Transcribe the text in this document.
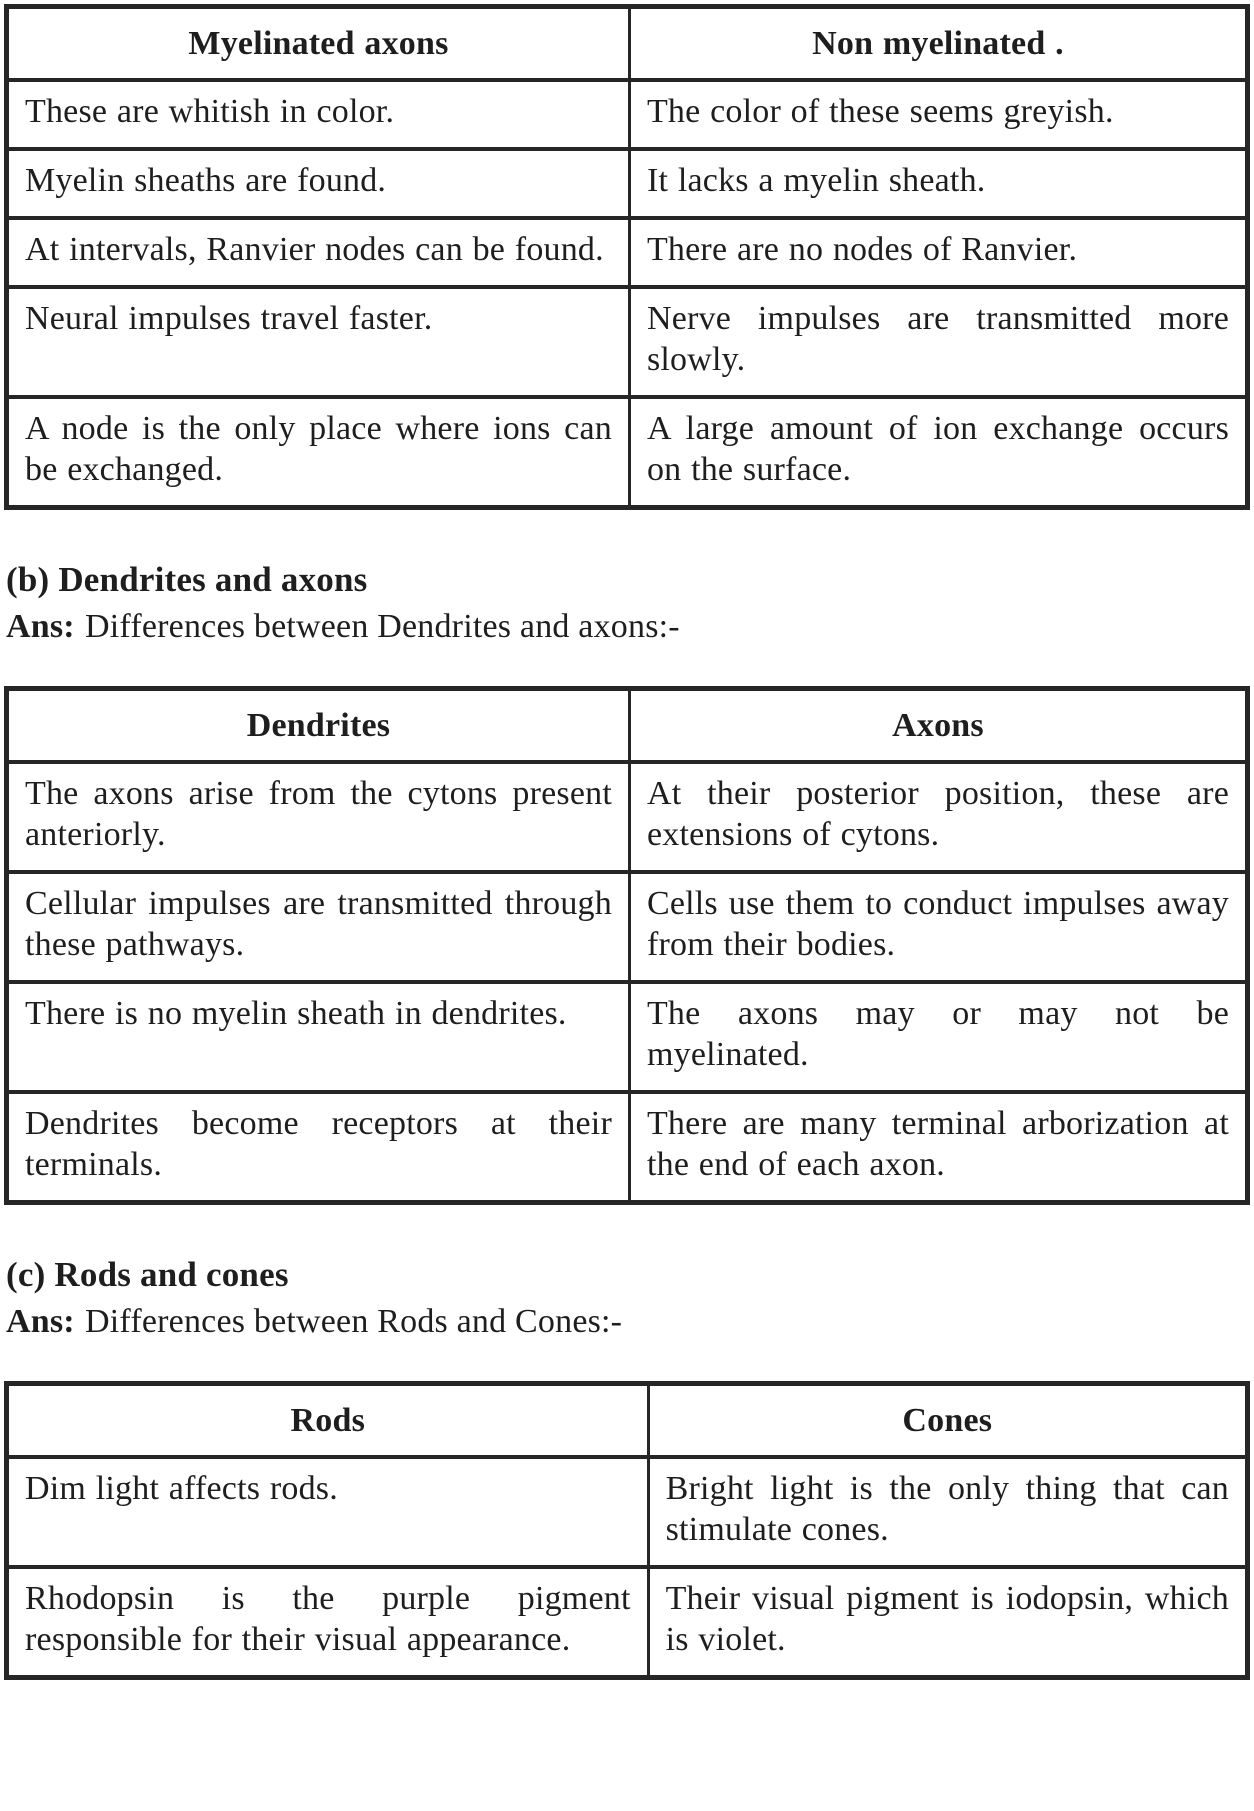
Myelinated axons	Non myelinated .
These are whitish in color.	The color of these seems greyish.
Myelin sheaths are found.	It lacks a myelin sheath.
At intervals, Ranvier nodes can be found.	There are no nodes of Ranvier.
Neural impulses travel faster.	Nerve impulses are transmitted more slowly.
A node is the only place where ions can be exchanged.	A large amount of ion exchange occurs on the surface.
(b) Dendrites and axons
Ans: Differences between Dendrites and axons:-
Dendrites	Axons
The axons arise from the cytons present anteriorly.	At their posterior position, these are extensions of cytons.
Cellular impulses are transmitted through these pathways.	Cells use them to conduct impulses away from their bodies.
There is no myelin sheath in dendrites.	The axons may or may not be myelinated.
Dendrites become receptors at their terminals.	There are many terminal arborization at the end of each axon.
(c) Rods and cones
Ans: Differences between Rods and Cones:-
Rods	Cones
Dim light affects rods.	Bright light is the only thing that can stimulate cones.
Rhodopsin is the purple pigment responsible for their visual appearance.	Their visual pigment is iodopsin, which is violet.
